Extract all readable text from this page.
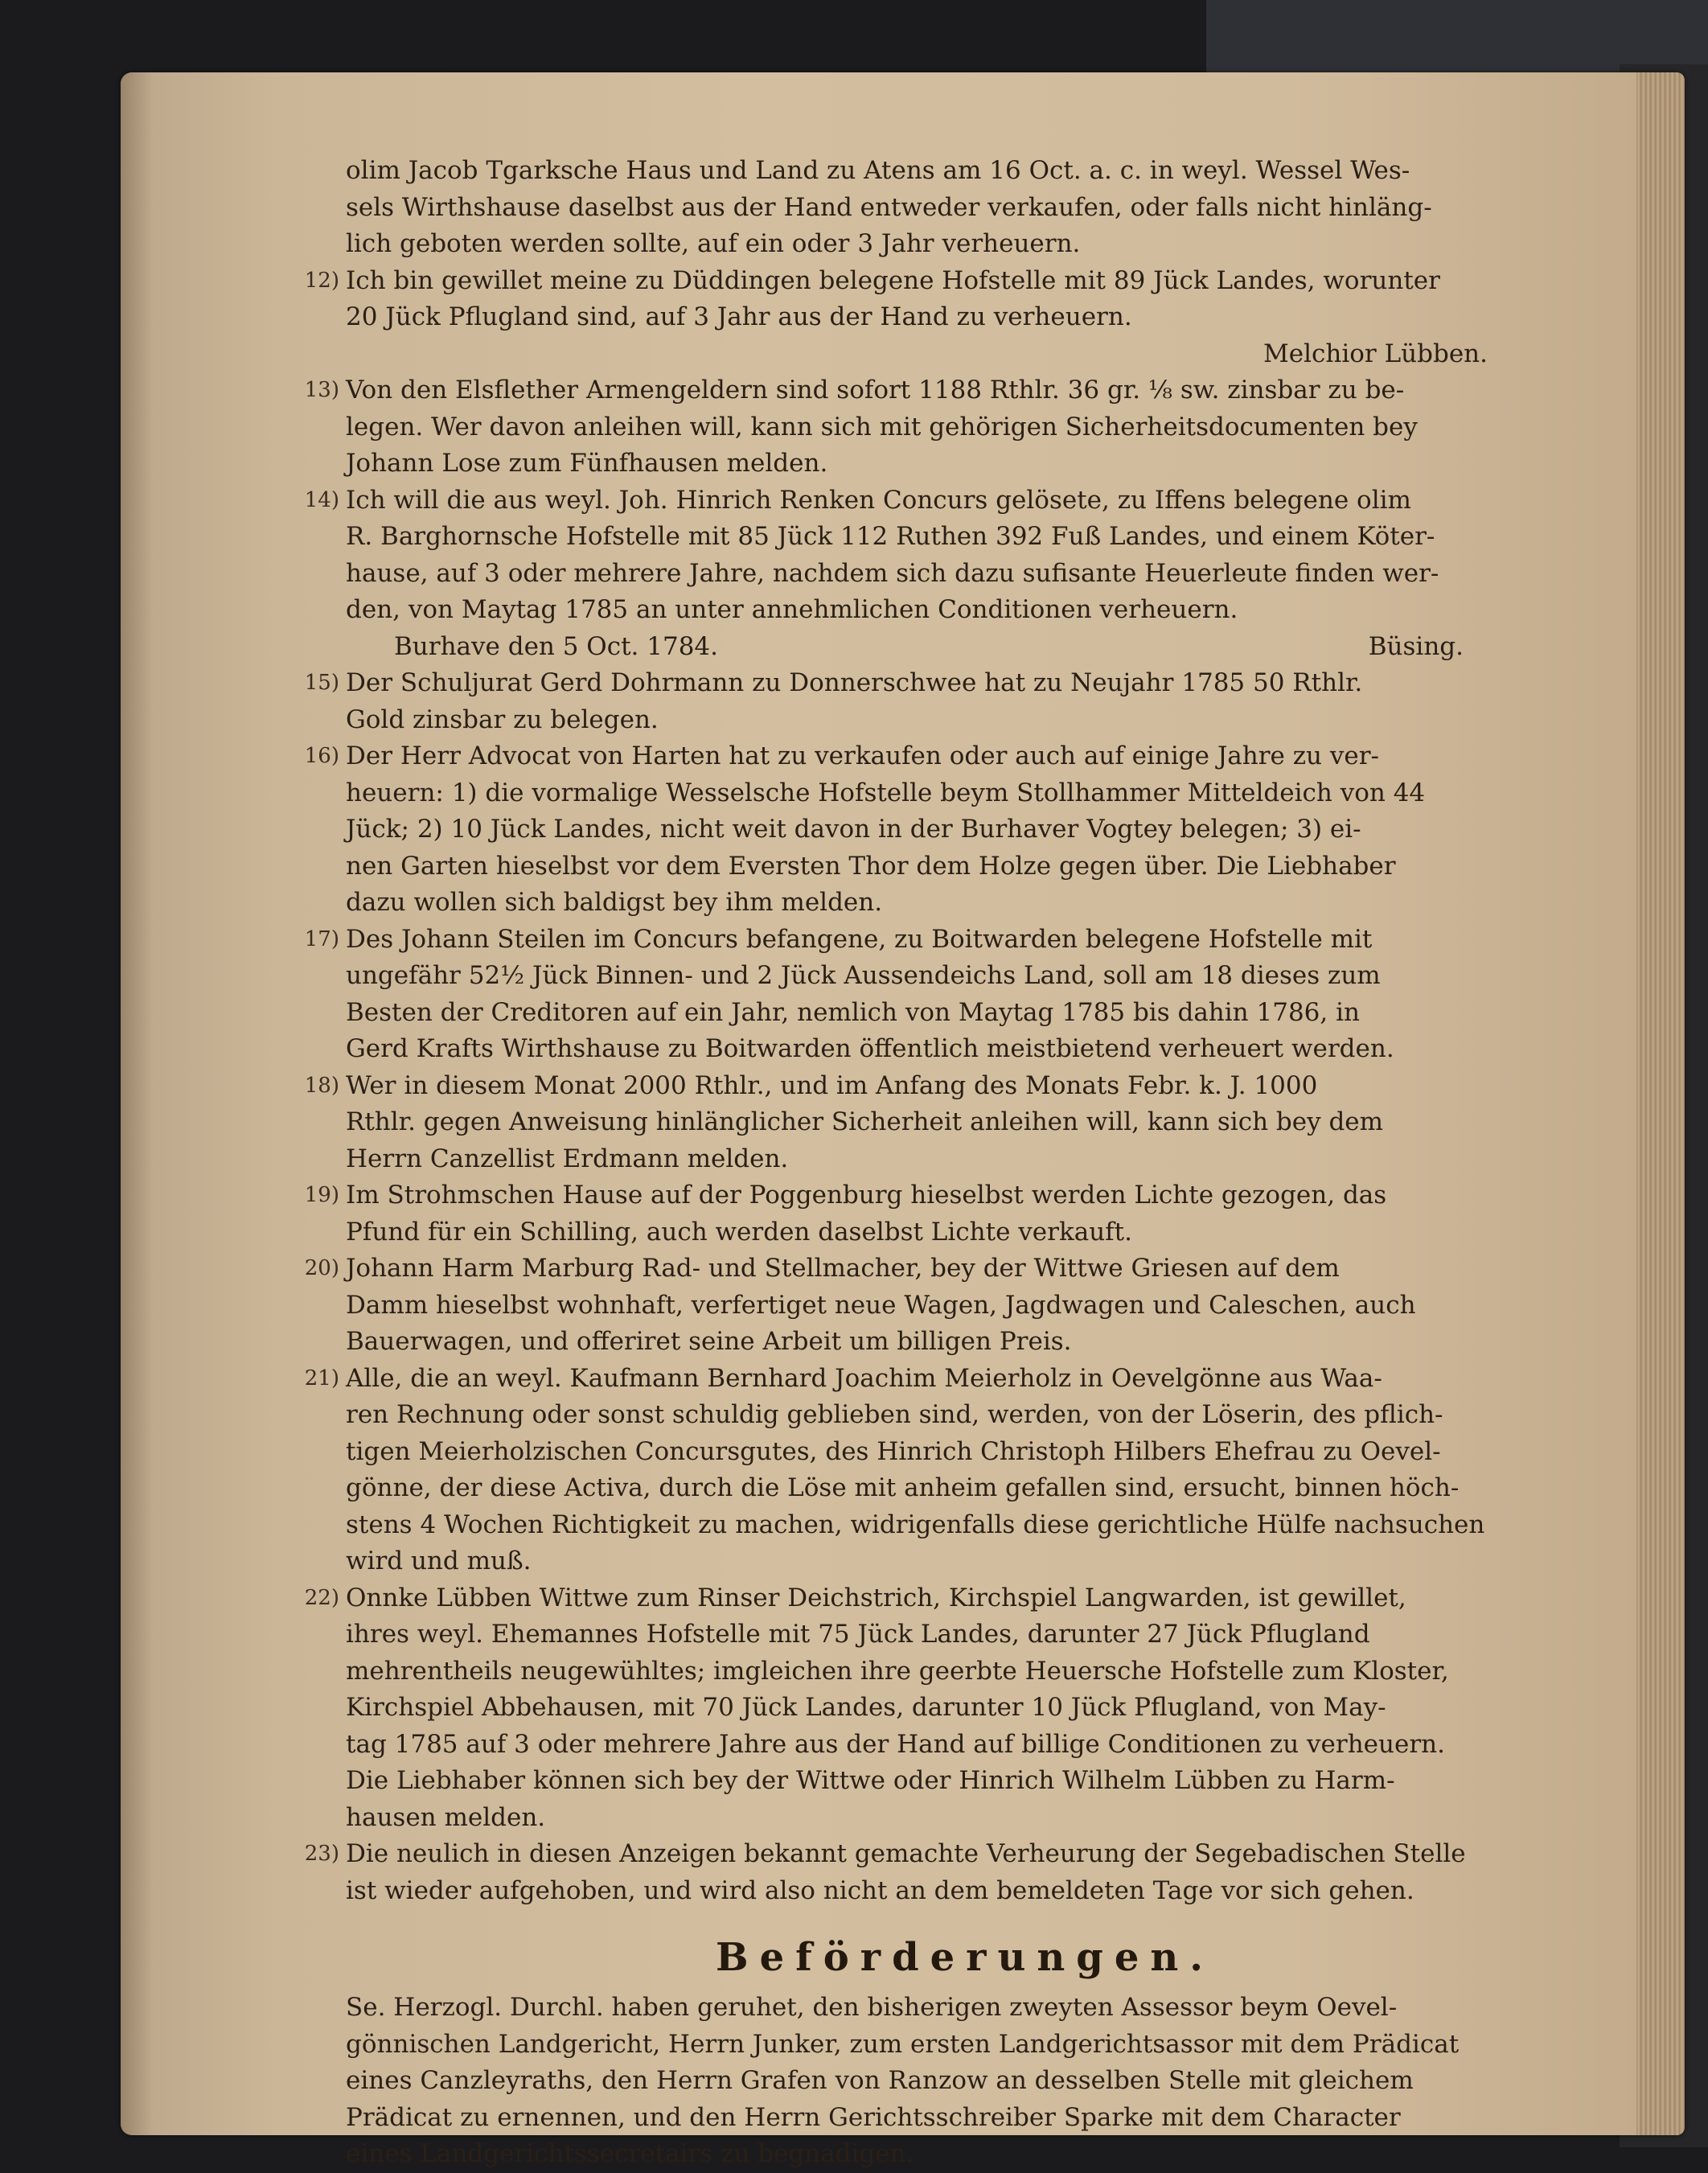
olim Jacob Tgarksche Haus und Land zu Atens am 16 Oct. a. c. in weyl. Wessel Wes-
sels Wirthshause daselbst aus der Hand entweder verkaufen, oder falls nicht hinläng-
lich geboten werden sollte, auf ein oder 3 Jahr verheuern.
12) Ich bin gewillet meine zu Düddingen belegene Hofstelle mit 89 Jück Landes, worunter
20 Jück Pflugland sind, auf 3 Jahr aus der Hand zu verheuern.
Melchior Lübben.
13) Von den Elsflether Armengeldern sind sofort 1188 Rthlr. 36 gr. ⅛ sw. zinsbar zu be-
legen. Wer davon anleihen will, kann sich mit gehörigen Sicherheitsdocumenten bey
Johann Lose zum Fünfhausen melden.
14) Ich will die aus weyl. Joh. Hinrich Renken Concurs gelösete, zu Iffens belegene olim
R. Barghornsche Hofstelle mit 85 Jück 112 Ruthen 392 Fuß Landes, und einem Köter-
hause, auf 3 oder mehrere Jahre, nachdem sich dazu sufisante Heuerleute finden wer-
den, von Maytag 1785 an unter annehmlichen Conditionen verheuern.
Burhave den 5 Oct. 1784.	Büsing.
15) Der Schuljurat Gerd Dohrmann zu Donnerschwee hat zu Neujahr 1785 50 Rthlr.
Gold zinsbar zu belegen.
16) Der Herr Advocat von Harten hat zu verkaufen oder auch auf einige Jahre zu ver-
heuern: 1) die vormalige Wesselsche Hofstelle beym Stollhammer Mitteldeich von 44
Jück; 2) 10 Jück Landes, nicht weit davon in der Burhaver Vogtey belegen; 3) ei-
nen Garten hieselbst vor dem Eversten Thor dem Holze gegen über. Die Liebhaber
dazu wollen sich baldigst bey ihm melden.
17) Des Johann Steilen im Concurs befangene, zu Boitwarden belegene Hofstelle mit
ungefähr 52½ Jück Binnen- und 2 Jück Aussendeichs Land, soll am 18 dieses zum
Besten der Creditoren auf ein Jahr, nemlich von Maytag 1785 bis dahin 1786, in
Gerd Krafts Wirthshause zu Boitwarden öffentlich meistbietend verheuert werden.
18) Wer in diesem Monat 2000 Rthlr., und im Anfang des Monats Febr. k. J. 1000
Rthlr. gegen Anweisung hinlänglicher Sicherheit anleihen will, kann sich bey dem
Herrn Canzellist Erdmann melden.
19) Im Strohmschen Hause auf der Poggenburg hieselbst werden Lichte gezogen, das
Pfund für ein Schilling, auch werden daselbst Lichte verkauft.
20) Johann Harm Marburg Rad- und Stellmacher, bey der Wittwe Griesen auf dem
Damm hieselbst wohnhaft, verfertiget neue Wagen, Jagdwagen und Caleschen, auch
Bauerwagen, und offeriret seine Arbeit um billigen Preis.
21) Alle, die an weyl. Kaufmann Bernhard Joachim Meierholz in Oevelgönne aus Waa-
ren Rechnung oder sonst schuldig geblieben sind, werden, von der Löserin, des pflich-
tigen Meierholzischen Concursgutes, des Hinrich Christoph Hilbers Ehefrau zu Oevel-
gönne, der diese Activa, durch die Löse mit anheim gefallen sind, ersucht, binnen höch-
stens 4 Wochen Richtigkeit zu machen, widrigenfalls diese gerichtliche Hülfe nachsuchen
wird und muß.
22) Onnke Lübben Wittwe zum Rinser Deichstrich, Kirchspiel Langwarden, ist gewillet,
ihres weyl. Ehemannes Hofstelle mit 75 Jück Landes, darunter 27 Jück Pflugland
mehrentheils neugewühltes; imgleichen ihre geerbte Heuersche Hofstelle zum Kloster,
Kirchspiel Abbehausen, mit 70 Jück Landes, darunter 10 Jück Pflugland, von May-
tag 1785 auf 3 oder mehrere Jahre aus der Hand auf billige Conditionen zu verheuern.
Die Liebhaber können sich bey der Wittwe oder Hinrich Wilhelm Lübben zu Harm-
hausen melden.
23) Die neulich in diesen Anzeigen bekannt gemachte Verheurung der Segebadischen Stelle
ist wieder aufgehoben, und wird also nicht an dem bemeldeten Tage vor sich gehen.
Beförderungen.
Se. Herzogl. Durchl. haben geruhet, den bisherigen zweyten Assessor beym Oevel-
gönnischen Landgericht, Herrn Junker, zum ersten Landgerichtsassor mit dem Prädicat
eines Canzleyraths, den Herrn Grafen von Ranzow an desselben Stelle mit gleichem
Prädicat zu ernennen, und den Herrn Gerichtsschreiber Sparke mit dem Character
eines Landgerichtssecretairs zu begnadigen.
